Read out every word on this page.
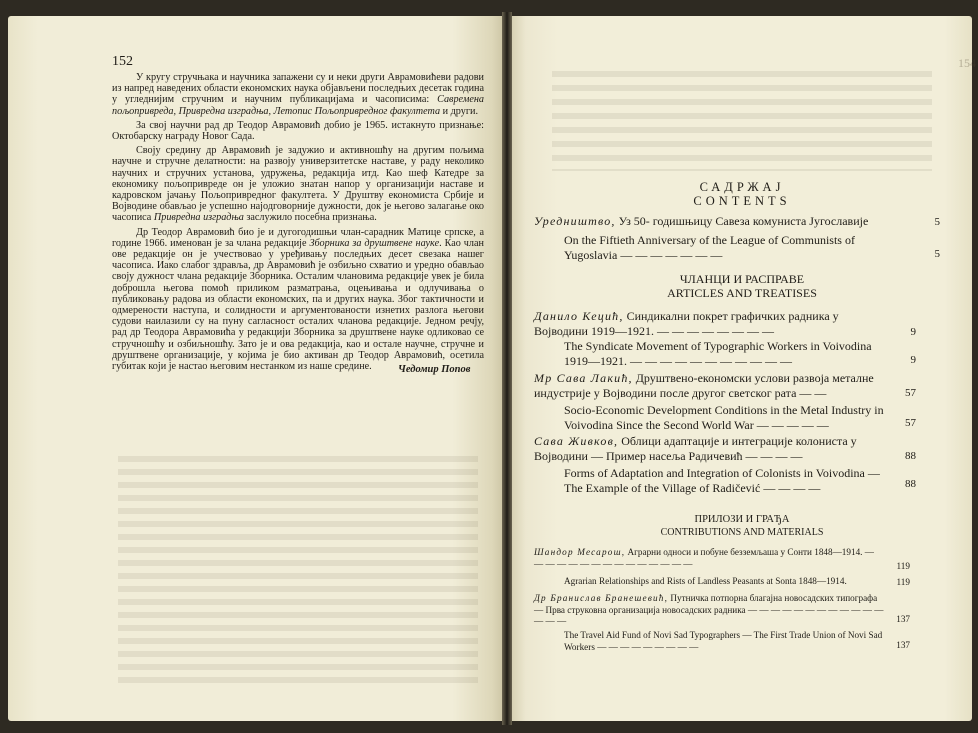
152

У кругу стручњака и научника запажени су и неки други Аврамовићеви радови из напред наведених области економских наука објављени последњих десетак година у угледнијим стручним и научним публикацијама и часописима: Савремена пољопривреда, Привредна изградња, Летопис Пољопривредног факултета и други.

За свој научни рад др Теодор Аврамовић добио је 1965. истакнуто признање: Октобарску награду Новог Сада.

Своју средину др Аврамовић је задужио и активношћу на другим пољима научне и стручне делатности: на развоју универзитетске наставе, у раду неколико научних и стручних установа, удружења, редакција итд. Као шеф Катедре за економику пољопривреде он је уложио знатан напор у организацији наставе и кадровском јачању Пољопривредног факултета. У Друштву економиста Србије и Војводине обављао је успешно најодговорније дужности, док је његово залагање око часописа Привредна изградња заслужило посебна признања.

Др Теодор Аврамовић био је и дугогодишњи члан-сарадник Матице српске, а године 1966. именован је за члана редакције Зборника за друштвене науке. Као члан ове редакције он је учествовао у уређивању последњих десет свезака нашег часописа. Иако слабог здравља, др Аврамовић је озбиљно схватио и уредно обављао своју дужност члана редакције Зборника. Осталим члановима редакције увек је била доброшла његова помоћ приликом разматрања, оцењивања и одлучивања о публиковању радова из области економских, па и других наука. Због тактичности и одмерености наступа, и солидности и аргументованости изнетих разлога његови судови наилазили су на пуну сагласност осталих чланова редакције. Једном речју, рад др Теодора Аврамовића у редакцији Зборника за друштвене науке одликовао се стручношћу и озбиљношћу. Зато је и ова редакција, као и остале научне, стручне и друштвене организације, у којима је био активан др Теодор Аврамовић, осетила губитак који је настао његовим нестанком из наше средине.	Чедомир Попов
154
САДРЖАЈ
CONTENTS
Уредништво, Уз 50- годишњицу Савеза комуниста Југославије	5
On the Fiftieth Anniversary of the League of Communists of Yugoslavia — — — — — — —	5
ЧЛАНЦИ И РАСПРАВЕ
ARTICLES AND TREATISES
Данило Кецић, Синдикални покрет графичких радника у Војводини 1919—1921. — — — — — — — —	9
The Syndicate Movement of Typographic Workers in Voivodina 1919—1921. — — — — — — — — — — —	9
Мр Сава Лакић, Друштвено-економски услови развоја металне индустрије у Војводини после другог светског рата — —	57
Socio-Economic Development Conditions in the Metal Industry in Voivodina Since the Second World War — — — — —	57
Сава Живков, Облици адаптације и интеграције колониста у Војводини — Пример насеља Радичевић — — — —	88
Forms of Adaptation and Integration of Colonists in Voivodina — The Example of the Village of Radičević — — — —	88
ПРИЛОЗИ И ГРАЂА
CONTRIBUTIONS AND MATERIALS
Шандор Месарош, Аграрни односи и побуне безземљаша у Сонти 1848—1914. — — — — — — — — — — — — — — —	119
Agrarian Relationships and Rists of Landless Peasants at Sonta 1848—1914.	119
Др Бранислав Бранешевић, Путничка потпорна благајна новосадских типографа — Прва струковна организација новосадских радника — — — — — — — — — — — — — — —	137
The Travel Aid Fund of Novi Sad Typographers — The First Trade Union of Novi Sad Workers — — — — — — — — —	137
